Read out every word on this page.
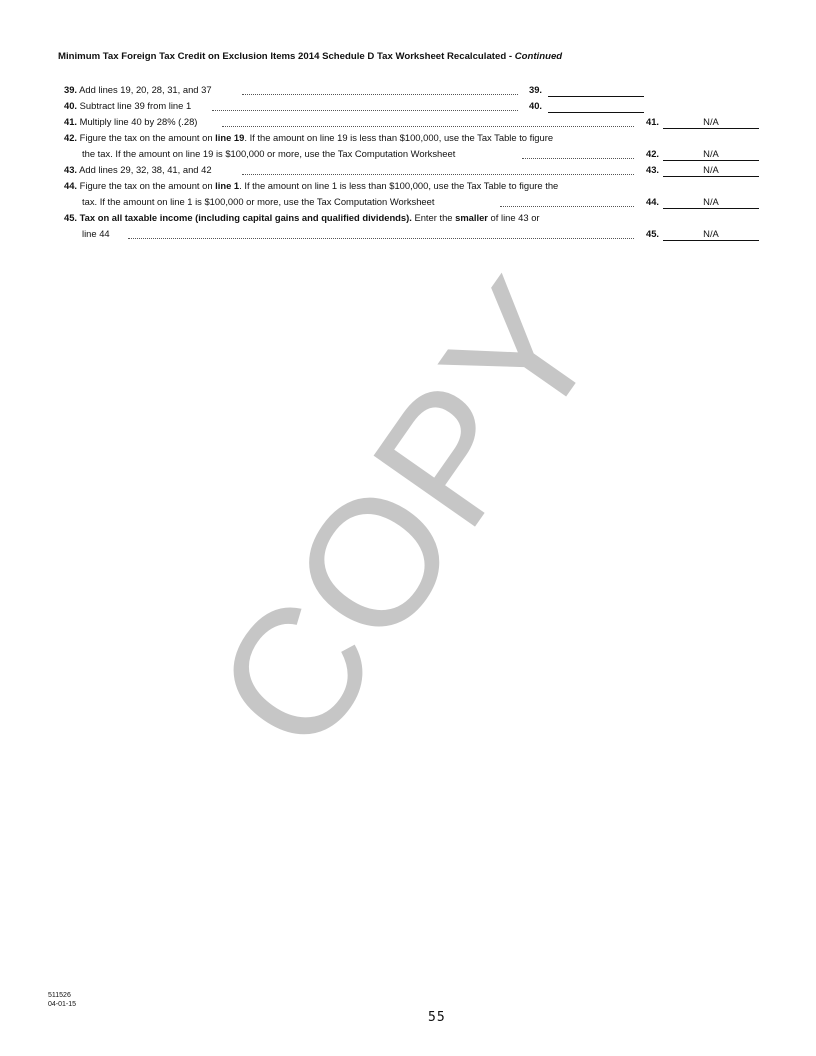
Minimum Tax Foreign Tax Credit on Exclusion Items 2014 Schedule D Tax Worksheet Recalculated - Continued
39. Add lines 19, 20, 28, 31, and 37	39.
40. Subtract line 39 from line 1	40.
41. Multiply line 40 by 28% (.28)	41.	N/A
42. Figure the tax on the amount on line 19. If the amount on line 19 is less than $100,000, use the Tax Table to figure
the tax. If the amount on line 19 is $100,000 or more, use the Tax Computation Worksheet	42.	N/A
43. Add lines 29, 32, 38, 41, and 42	43.	N/A
44. Figure the tax on the amount on line 1. If the amount on line 1 is less than $100,000, use the Tax Table to figure the
tax. If the amount on line 1 is $100,000 or more, use the Tax Computation Worksheet	44.	N/A
45. Tax on all taxable income (including capital gains and qualified dividends). Enter the smaller of line 43 or
line 44	45.	N/A
COPY
511526
04-01-15
55
